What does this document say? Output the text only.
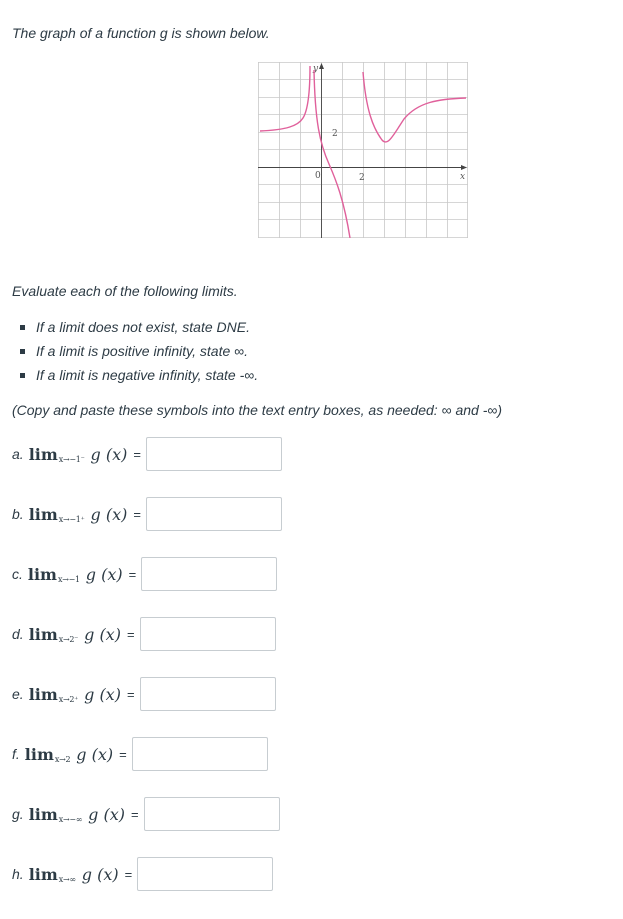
The graph of a function g is shown below.
y
2
0	2	x
Evaluate each of the following limits.
If a limit does not exist, state DNE.
If a limit is positive infinity, state ∞.
If a limit is negative infinity, state -∞.
(Copy and paste these symbols into the text entry boxes, as needed: ∞ and -∞)
a. lim x→−1⁻ g (x) =
b. lim x→−1⁺ g (x) =
c. lim x→−1 g (x) =
d. lim x→2⁻ g (x) =
e. lim x→2⁺ g (x) =
f. lim x→2 g (x) =
g. lim x→−∞ g (x) =
h. lim x→∞ g (x) =
